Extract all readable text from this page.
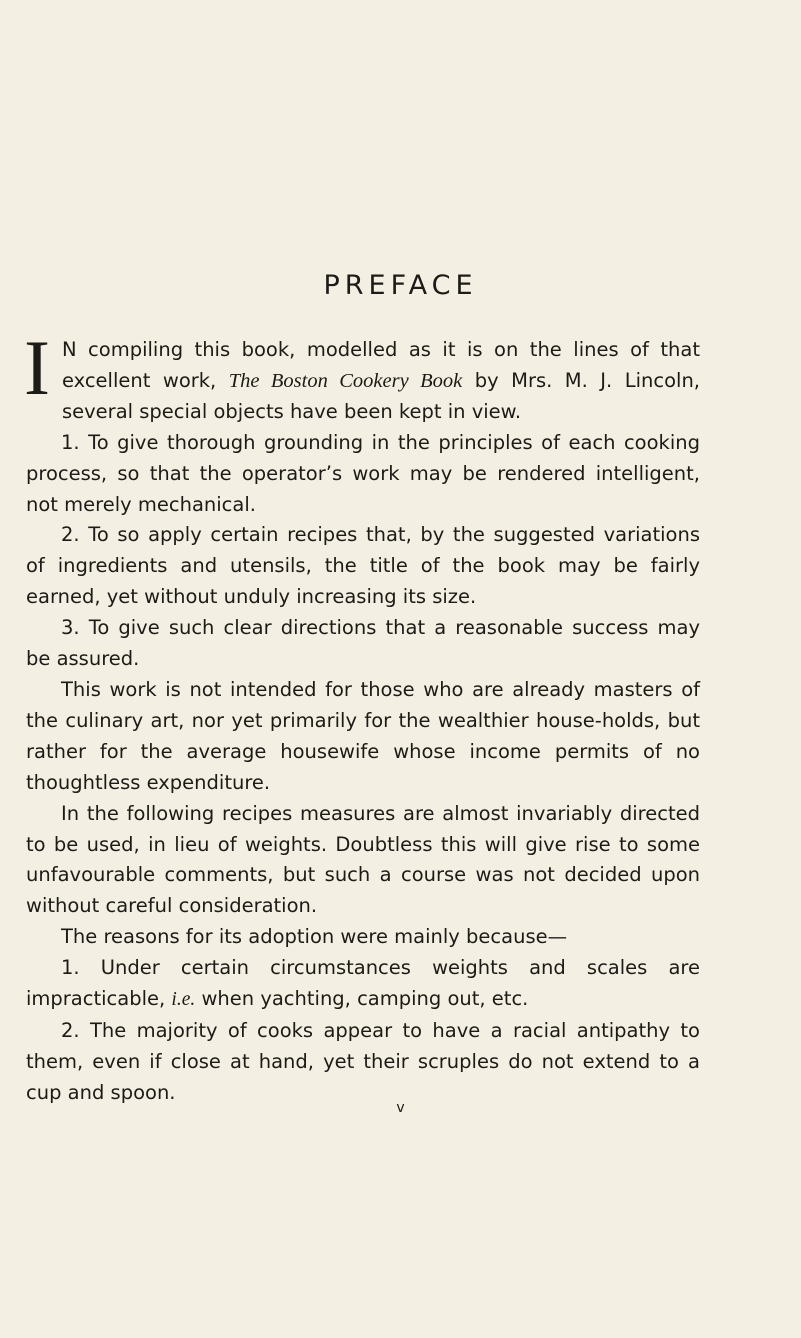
PREFACE

I N compiling this book, modelled as it is on the lines of that excellent work, The Boston Cookery Book by Mrs. M. J. Lincoln, several special objects have been kept in view.

1. To give thorough grounding in the principles of each cooking process, so that the operator’s work may be rendered intelligent, not merely mechanical.

2. To so apply certain recipes that, by the suggested variations of ingredients and utensils, the title of the book may be fairly earned, yet without unduly increasing its size.

3. To give such clear directions that a reasonable success may be assured.

This work is not intended for those who are already masters of the culinary art, nor yet primarily for the wealthier house-holds, but rather for the average housewife whose income permits of no thoughtless expenditure.

In the following recipes measures are almost invariably directed to be used, in lieu of weights. Doubtless this will give rise to some unfavourable comments, but such a course was not decided upon without careful consideration.

The reasons for its adoption were mainly because—

1. Under certain circumstances weights and scales are impracticable, i.e. when yachting, camping out, etc.

2. The majority of cooks appear to have a racial antipathy to them, even if close at hand, yet their scruples do not extend to a cup and spoon.

v
